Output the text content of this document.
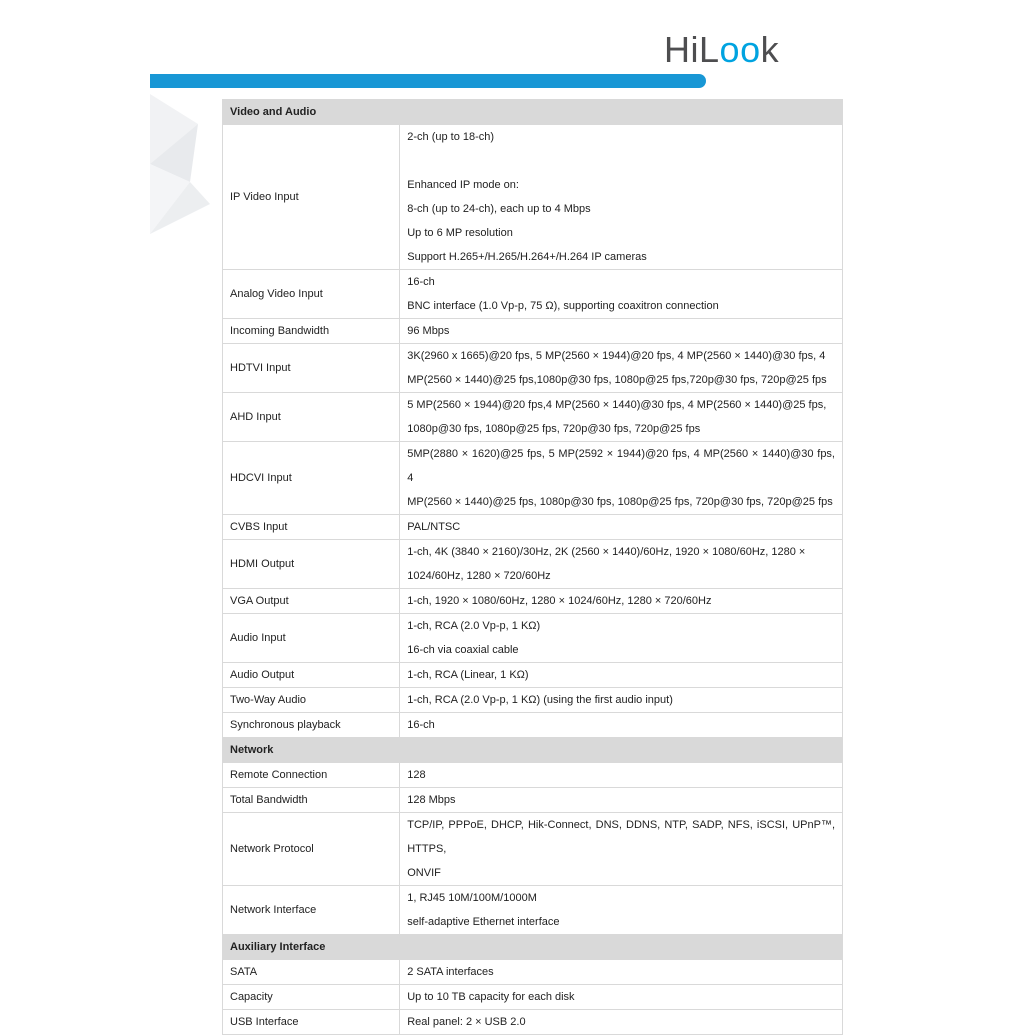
HiLook
Video and Audio	
IP Video Input	2-ch (up to 18-ch)
Enhanced IP mode on:
8-ch (up to 24-ch), each up to 4 Mbps
Up to 6 MP resolution
Support H.265+/H.265/H.264+/H.264 IP cameras

Analog Video Input	16-ch
BNC interface (1.0 Vp-p, 75 Ω), supporting coaxitron connection

Incoming Bandwidth	96 Mbps

HDTVI Input	3K(2960 x 1665)@20 fps, 5 MP(2560 × 1944)@20 fps, 4 MP(2560 × 1440)@30 fps, 4
MP(2560 × 1440)@25 fps,1080p@30 fps, 1080p@25 fps,720p@30 fps, 720p@25 fps

AHD Input	5 MP(2560 × 1944)@20 fps,4 MP(2560 × 1440)@30 fps, 4 MP(2560 × 1440)@25 fps,
1080p@30 fps, 1080p@25 fps, 720p@30 fps, 720p@25 fps

HDCVI Input	5MP(2880 × 1620)@25 fps, 5 MP(2592 × 1944)@20 fps, 4 MP(2560 × 1440)@30 fps, 4
MP(2560 × 1440)@25 fps, 1080p@30 fps, 1080p@25 fps, 720p@30 fps, 720p@25 fps

CVBS Input	PAL/NTSC

HDMI Output	1-ch, 4K (3840 × 2160)/30Hz, 2K (2560 × 1440)/60Hz, 1920 × 1080/60Hz, 1280 ×
1024/60Hz, 1280 × 720/60Hz

VGA Output	1-ch, 1920 × 1080/60Hz, 1280 × 1024/60Hz, 1280 × 720/60Hz

Audio Input	1-ch, RCA (2.0 Vp-p, 1 KΩ)
16-ch via coaxial cable

Audio Output	1-ch, RCA (Linear, 1 KΩ)

Two-Way Audio	1-ch, RCA (2.0 Vp-p, 1 KΩ) (using the first audio input)

Synchronous playback	16-ch

Network	
Remote Connection	128

Total Bandwidth	128 Mbps

Network Protocol	TCP/IP, PPPoE, DHCP, Hik-Connect, DNS, DDNS, NTP, SADP, NFS, iSCSI, UPnP™, HTTPS,
ONVIF

Network Interface	1, RJ45 10M/100M/1000M
self-adaptive Ethernet interface

Auxiliary Interface	
SATA	2 SATA interfaces

Capacity	Up to 10 TB capacity for each disk

USB Interface	Real panel: 2 × USB 2.0
